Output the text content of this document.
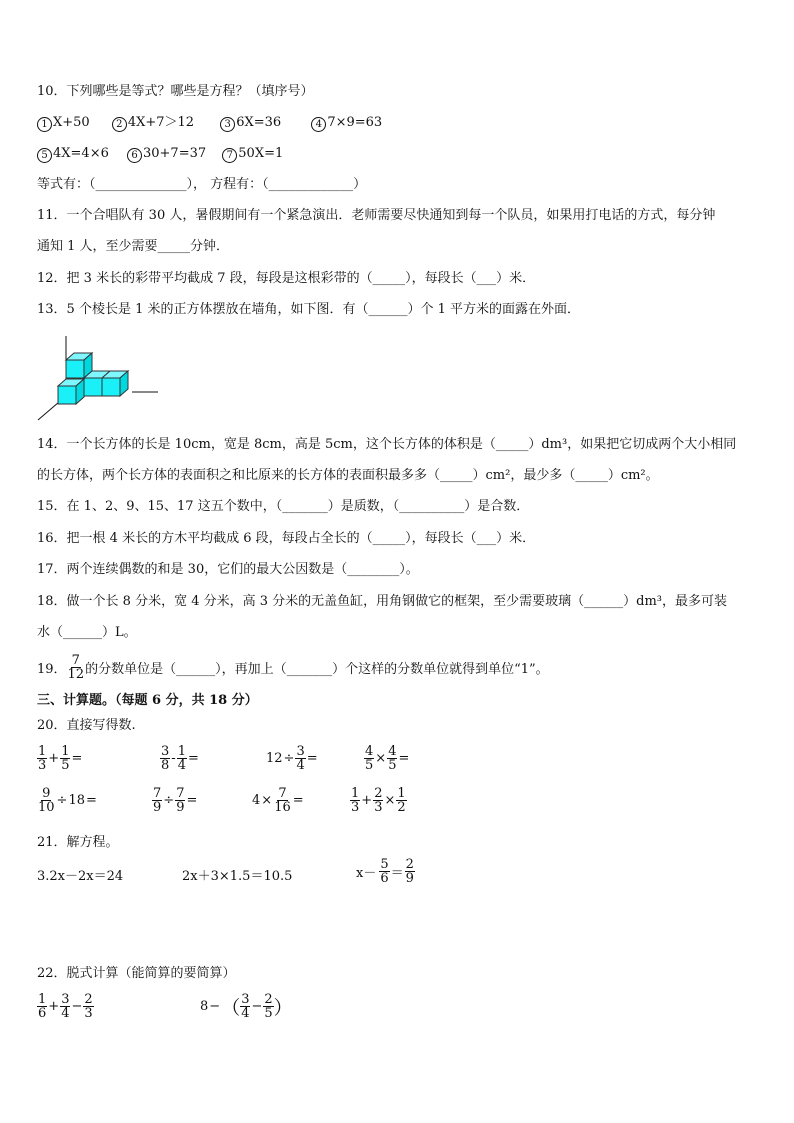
10．下列哪些是等式？哪些是方程？（填序号）
1 X+50	2 4X+7＞12	3 6X=36	4 7×9=63
5 4X=4×6 6 30+7=37 7 50X=1
等式有：（______________）， 方程有：（_____________）
11．一个合唱队有 30 人，暑假期间有一个紧急演出．老师需要尽快通知到每一个队员，如果用打电话的方式，每分钟
通知 1 人，至少需要_____分钟．
12．把 3 米长的彩带平均截成 7 段，每段是这根彩带的（_____），每段长（___）米．
13．5 个棱长是 1 米的正方体摆放在墙角，如下图．有（______）个 1 平方米的面露在外面．
14．一个长方体的长是 10cm，宽是 8cm，高是 5cm，这个长方体的体积是（_____）dm³，如果把它切成两个大小相同
的长方体，两个长方体的表面积之和比原来的长方体的表面积最多多（_____）cm²，最少多（_____）cm²。
15．在 1、2、9、15、17 这五个数中，（_______）是质数，（__________）是合数．
16．把一根 4 米长的方木平均截成 6 段，每段占全长的（_____），每段长（___）米．
17．两个连续偶数的和是 30，它们的最大公因数是（________）。
18．做一个长 8 分米，宽 4 分米，高 3 分米的无盖鱼缸，用角钢做它的框架，至少需要玻璃（______）dm³，最多可装
水（______）L。
19． $\frac{7}{12}$ 的分数单位是（______），再加上（_______）个这样的分数单位就得到单位“1”。
三、计算题。（每题 6 分，共 18 分）
20．直接写得数.
$\frac{1}{3} + \frac{1}{5}$ =	$\frac{3}{8} - \frac{1}{4}$ =	$12 \div \frac{3}{4}$ =	$\frac{4}{5} \times \frac{4}{5}$ =
$\frac{9}{10} \div 18$ =	$\frac{7}{9} \div \frac{7}{9}$ =	$4 \times \frac{7}{16}$ =	$\frac{1}{3} + \frac{2}{3} \times \frac{1}{2}$
21．解方程。
3.2x－2x＝24	2x＋3×1.5＝10.5	$x- \frac{5}{6} = \frac{2}{9}$
22．脱式计算（能简算的要简算）
$\frac{1}{6} + \frac{3}{4} - \frac{2}{3}$	8 − （ $\frac{3}{4} - \frac{2}{5}$ ）
